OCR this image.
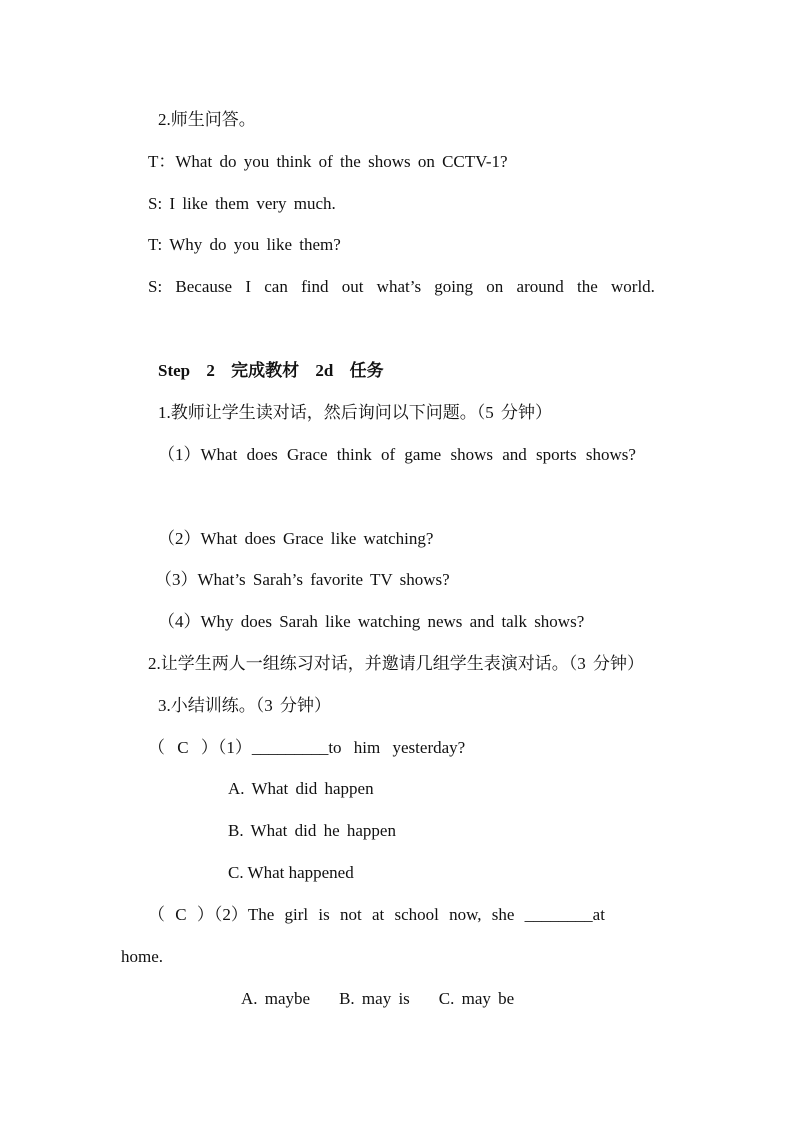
2.师生问答。
T：What do you think of the shows on CCTV-1?
S: I like them very much.
T: Why do you like them?
S: Because I can find out what’s going on around the world.
Step 2 完成教材 2d 任务
1.教师让学生读对话，然后询问以下问题。（5 分钟）
（1）What does Grace think of game shows and sports shows?
（2）What does Grace like watching?
（3）What’s Sarah’s favorite TV shows?
（4）Why does Sarah like watching news and talk shows?
2.让学生两人一组练习对话，并邀请几组学生表演对话。（3 分钟）
3.小结训练。（3 分钟）
（ C ）（1）_________to him yesterday?
A. What did happen
B. What did he happen
C. What happened
（ C ）（2）The girl is not at school now, she ________at
home.
A. maybe    B. may is    C. may be
